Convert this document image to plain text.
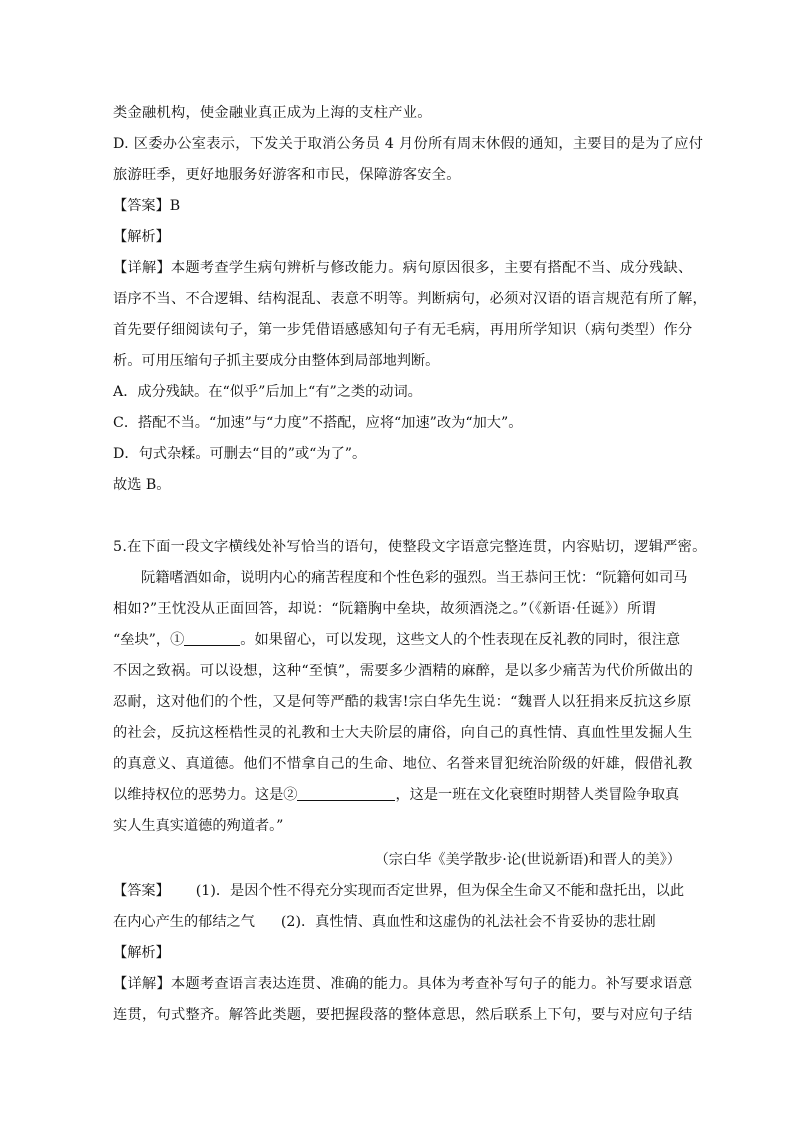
类金融机构，使金融业真正成为上海的支柱产业。
D. 区委办公室表示，下发关于取消公务员 4 月份所有周末休假的通知，主要目的是为了应付
旅游旺季，更好地服务好游客和市民，保障游客安全。
【答案】B
【解析】
【详解】本题考查学生病句辨析与修改能力。病句原因很多，主要有搭配不当、成分残缺、
语序不当、不合逻辑、结构混乱、表意不明等。判断病句，必须对汉语的语言规范有所了解，
首先要仔细阅读句子，第一步凭借语感感知句子有无毛病，再用所学知识（病句类型）作分
析。可用压缩句子抓主要成分由整体到局部地判断。
A．成分残缺。在“似乎”后加上“有”之类的动词。
C．搭配不当。“加速”与“力度”不搭配，应将“加速”改为“加大”。
D．句式杂糅。可删去“目的”或“为了”。
故选 B。
5.在下面一段文字横线处补写恰当的语句，使整段文字语意完整连贯，内容贴切，逻辑严密。
阮籍嗜酒如命，说明内心的痛苦程度和个性色彩的强烈。当王恭问王忱：“阮籍何如司马
相如?”王忱没从正面回答，却说：“阮籍胸中垒块，故须酒浇之。”（《新语·任诞》）所谓
“垒块”，①	。如果留心，可以发现，这些文人的个性表现在反礼教的同时，很注意
不因之致祸。可以设想，这种“至慎”，需要多少酒精的麻醉，是以多少痛苦为代价所做出的
忍耐，这对他们的个性，又是何等严酷的栽害!宗白华先生说：“魏晋人以狂捐来反抗这乡原
的社会，反抗这桎梏性灵的礼教和士大夫阶层的庸俗，向自己的真性情、真血性里发掘人生
的真意义、真道德。他们不惜拿自己的生命、地位、名誉来冒犯统治阶级的奸雄，假借礼教
以维持权位的恶势力。这是②	，这是一班在文化衰堕时期替人类冒险争取真
实人生真实道德的殉道者。”
（宗白华《美学散步·论(世说新语)和晋人的美》）
【答案】 (1)．是因个性不得充分实现而否定世界，但为保全生命又不能和盘托出，以此
在内心产生的郁结之气 (2)．真性情、真血性和这虚伪的礼法社会不肯妥协的悲壮剧
【解析】
【详解】本题考查语言表达连贯、准确的能力。具体为考查补写句子的能力。补写要求语意
连贯，句式整齐。解答此类题，要把握段落的整体意思，然后联系上下句，要与对应句子结
